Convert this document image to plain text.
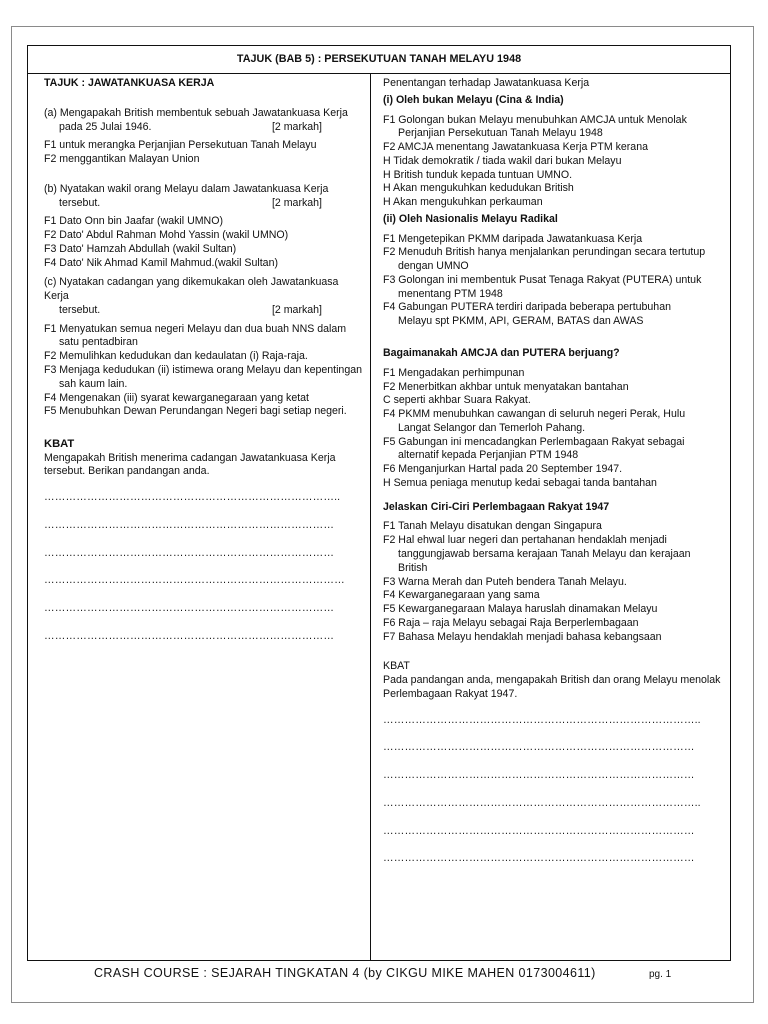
TAJUK (BAB 5) : PERSEKUTUAN TANAH MELAYU 1948
TAJUK : JAWATANKUASA KERJA
(a) Mengapakah British membentuk sebuah Jawatankuasa Kerja
pada 25 Julai 1946.	[2 markah]
F1 untuk merangka Perjanjian Persekutuan Tanah Melayu
F2 menggantikan Malayan Union
(b) Nyatakan wakil orang Melayu dalam Jawatankuasa Kerja
tersebut.	[2 markah]
F1 Dato Onn bin Jaafar (wakil UMNO)
F2 Dato' Abdul Rahman Mohd Yassin (wakil UMNO)
F3 Dato' Hamzah Abdullah (wakil Sultan)
F4 Dato' Nik Ahmad Kamil Mahmud.(wakil Sultan)
(c) Nyatakan cadangan yang dikemukakan oleh Jawatankuasa Kerja
tersebut.	[2 markah]
F1 Menyatukan semua negeri Melayu dan dua buah NNS dalam
satu pentadbiran
F2 Memulihkan kedudukan dan kedaulatan (i) Raja-raja.
F3 Menjaga kedudukan (ii) istimewa orang Melayu dan kepentingan
sah kaum lain.
F4 Mengenakan (iii) syarat kewarganegaraan yang ketat
F5 Menubuhkan Dewan Perundangan Negeri bagi setiap negeri.
KBAT
Mengapakah British menerima cadangan Jawatankuasa Kerja
tersebut. Berikan pandangan anda.
………………………………………………………………………..
………………………………………………………………………
………………………………………………………………………
…………………………………………………………………………
………………………………………………………………………
………………………………………………………………………
Penentangan terhadap Jawatankuasa Kerja
(i) Oleh bukan Melayu (Cina & India)
F1 Golongan bukan Melayu menubuhkan AMCJA untuk Menolak
Perjanjian Persekutuan Tanah Melayu 1948
F2 AMCJA menentang Jawatankuasa Kerja PTM kerana
H Tidak demokratik / tiada wakil dari bukan Melayu
H British tunduk kepada tuntuan UMNO.
H Akan mengukuhkan kedudukan British
H Akan mengukuhkan perkauman
(ii) Oleh Nasionalis Melayu Radikal
F1 Mengetepikan PKMM daripada Jawatankuasa Kerja
F2 Menuduh British hanya menjalankan perundingan secara tertutup
dengan UMNO
F3 Golongan ini membentuk Pusat Tenaga Rakyat (PUTERA) untuk
menentang PTM 1948
F4 Gabungan PUTERA terdiri daripada beberapa pertubuhan
Melayu spt PKMM, API, GERAM, BATAS dan AWAS
Bagaimanakah AMCJA dan PUTERA berjuang?
F1 Mengadakan perhimpunan
F2 Menerbitkan akhbar untuk menyatakan bantahan
C seperti akhbar Suara Rakyat.
F4 PKMM menubuhkan cawangan di seluruh negeri Perak, Hulu
Langat Selangor dan Temerloh Pahang.
F5 Gabungan ini mencadangkan Perlembagaan Rakyat sebagai
alternatif kepada Perjanjian PTM 1948
F6 Menganjurkan Hartal pada 20 September 1947.
H Semua peniaga menutup kedai sebagai tanda bantahan
Jelaskan Ciri-Ciri Perlembagaan Rakyat 1947
F1 Tanah Melayu disatukan dengan Singapura
F2 Hal ehwal luar negeri dan pertahanan hendaklah menjadi
tanggungjawab bersama kerajaan Tanah Melayu dan kerajaan
British
F3 Warna Merah dan Puteh bendera Tanah Melayu.
F4 Kewarganegaraan yang sama
F5 Kewarganegaraan Malaya haruslah dinamakan Melayu
F6 Raja – raja Melayu sebagai Raja Berperlembagaan
F7 Bahasa Melayu hendaklah menjadi bahasa kebangsaan
KBAT
Pada pandangan anda, mengapakah British dan orang Melayu menolak
Perlembagaan Rakyat 1947.
……………………………………………………………………………..
……………………………………………………………………………
……………………………………………………………………………
……………………………………………………………………………..
……………………………………………………………………………
……………………………………………………………………………
CRASH COURSE : SEJARAH TINGKATAN 4 (by CIKGU MIKE MAHEN 0173004611)	pg. 1
